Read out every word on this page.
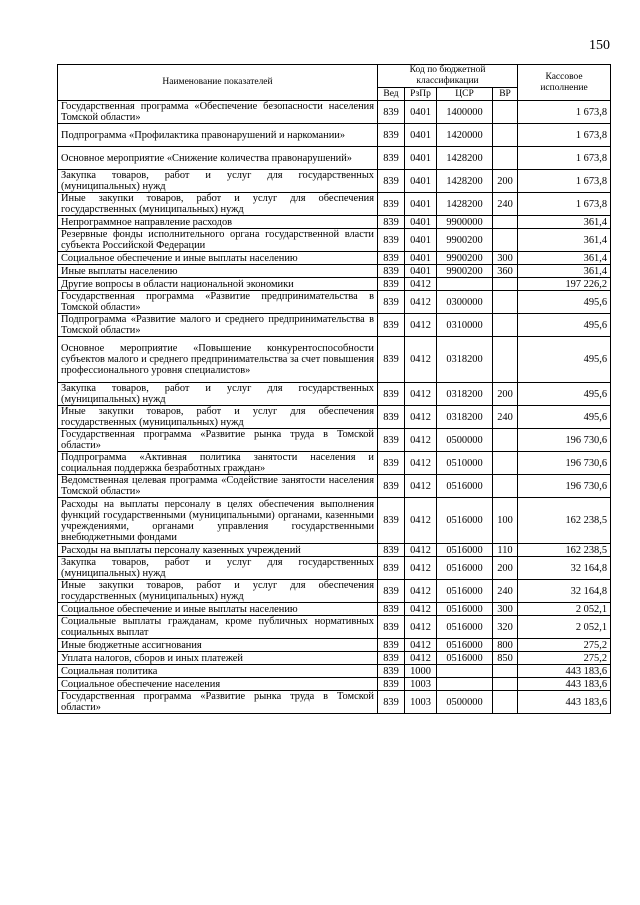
150
Наименование показателей	Код по бюджетной классификации				Кассовое исполнение
	Вед	РзПр	ЦСР	ВР	
Государственная программа «Обеспечение безопасности населения Томской области»	839	0401	1400000		1 673,8
Подпрограмма «Профилактика правонарушений и наркомании»	839	0401	1420000		1 673,8
Основное мероприятие «Снижение количества правонарушений»	839	0401	1428200		1 673,8
Закупка товаров, работ и услуг для государственных (муниципальных) нужд	839	0401	1428200	200	1 673,8
Иные закупки товаров, работ и услуг для обеспечения государственных (муниципальных) нужд	839	0401	1428200	240	1 673,8
Непрограммное направление расходов	839	0401	9900000		361,4
Резервные фонды исполнительного органа государственной власти субъекта Российской Федерации	839	0401	9900200		361,4
Социальное обеспечение и иные выплаты населению	839	0401	9900200	300	361,4
Иные выплаты населению	839	0401	9900200	360	361,4
Другие вопросы в области национальной экономики	839	0412			197 226,2
Государственная программа «Развитие предпринимательства в Томской области»	839	0412	0300000		495,6
Подпрограмма «Развитие малого и среднего предпринимательства в Томской области»	839	0412	0310000		495,6
Основное мероприятие «Повышение конкурентоспособности субъектов малого и среднего предпринимательства за счет повышения профессионального уровня специалистов»	839	0412	0318200		495,6
Закупка товаров, работ и услуг для государственных (муниципальных) нужд	839	0412	0318200	200	495,6
Иные закупки товаров, работ и услуг для обеспечения государственных (муниципальных) нужд	839	0412	0318200	240	495,6
Государственная программа «Развитие рынка труда в Томской области»	839	0412	0500000		196 730,6
Подпрограмма «Активная политика занятости населения и социальная поддержка безработных граждан»	839	0412	0510000		196 730,6
Ведомственная целевая программа «Содействие занятости населения Томской области»	839	0412	0516000		196 730,6
Расходы на выплаты персоналу в целях обеспечения выполнения функций государственными (муниципальными) органами, казенными учреждениями, органами управления государственными внебюджетными фондами	839	0412	0516000	100	162 238,5
Расходы на выплаты персоналу казенных учреждений	839	0412	0516000	110	162 238,5
Закупка товаров, работ и услуг для государственных (муниципальных) нужд	839	0412	0516000	200	32 164,8
Иные закупки товаров, работ и услуг для обеспечения государственных (муниципальных) нужд	839	0412	0516000	240	32 164,8
Социальное обеспечение и иные выплаты населению	839	0412	0516000	300	2 052,1
Социальные выплаты гражданам, кроме публичных нормативных социальных выплат	839	0412	0516000	320	2 052,1
Иные бюджетные ассигнования	839	0412	0516000	800	275,2
Уплата налогов, сборов и иных платежей	839	0412	0516000	850	275,2
Социальная политика	839	1000			443 183,6
Социальное обеспечение населения	839	1003			443 183,6
Государственная программа «Развитие рынка труда в Томской области»	839	1003	0500000		443 183,6
